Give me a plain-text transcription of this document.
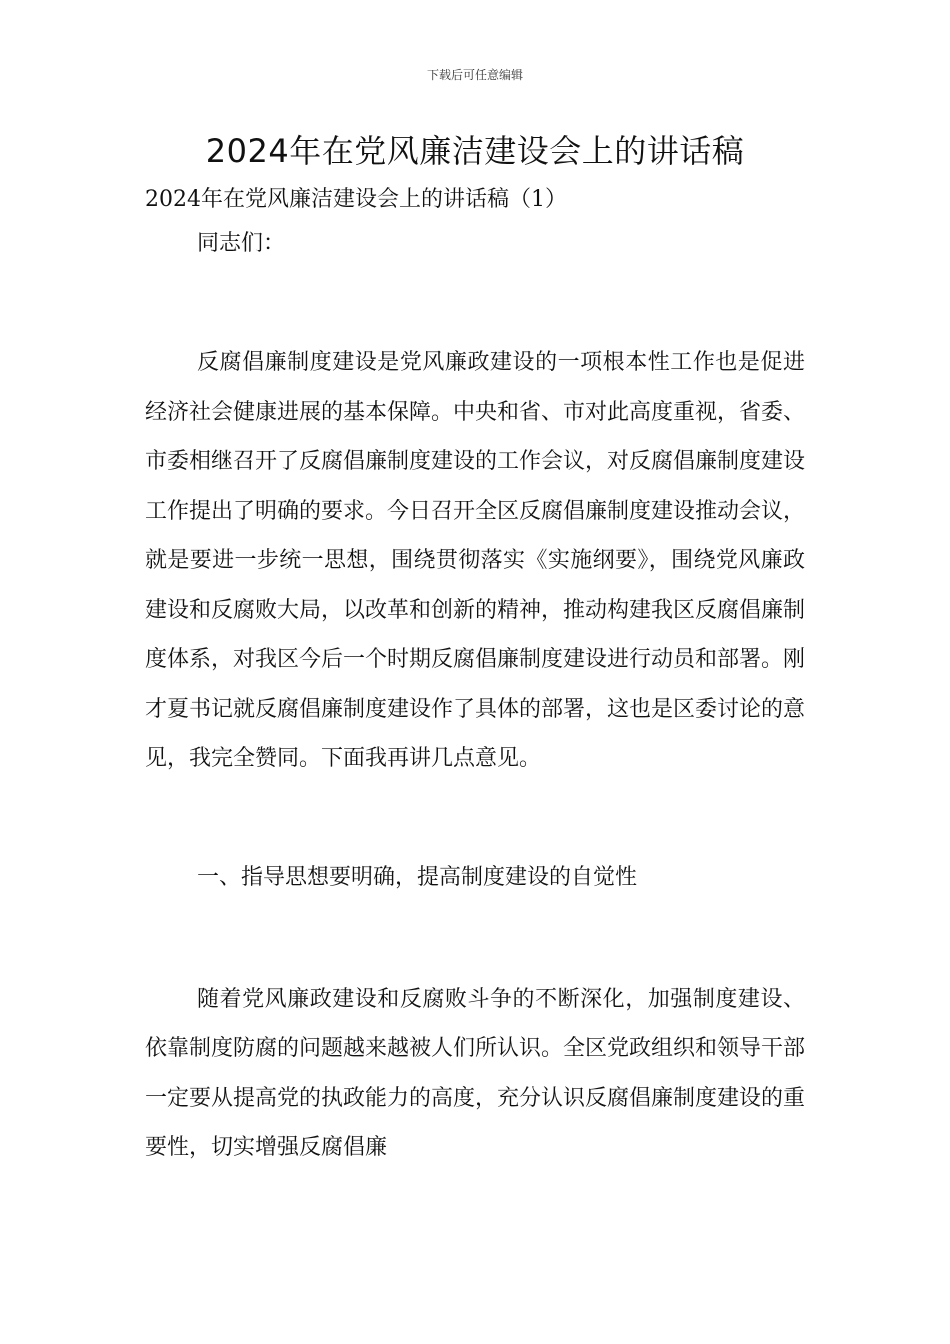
下载后可任意编辑
2024年在党风廉洁建设会上的讲话稿

2024年在党风廉洁建设会上的讲话稿（1）

同志们：

反腐倡廉制度建设是党风廉政建设的一项根本性工作也是促进经济社会健康进展的基本保障。中央和省、市对此高度重视，省委、市委相继召开了反腐倡廉制度建设的工作会议，对反腐倡廉制度建设工作提出了明确的要求。今日召开全区反腐倡廉制度建设推动会议，就是要进一步统一思想，围绕贯彻落实《实施纲要》，围绕党风廉政建设和反腐败大局，以改革和创新的精神，推动构建我区反腐倡廉制度体系，对我区今后一个时期反腐倡廉制度建设进行动员和部署。刚才夏书记就反腐倡廉制度建设作了具体的部署，这也是区委讨论的意见，我完全赞同。下面我再讲几点意见。

一、指导思想要明确，提高制度建设的自觉性

随着党风廉政建设和反腐败斗争的不断深化，加强制度建设、依靠制度防腐的问题越来越被人们所认识。全区党政组织和领导干部一定要从提高党的执政能力的高度，充分认识反腐倡廉制度建设的重要性，切实增强反腐倡廉
